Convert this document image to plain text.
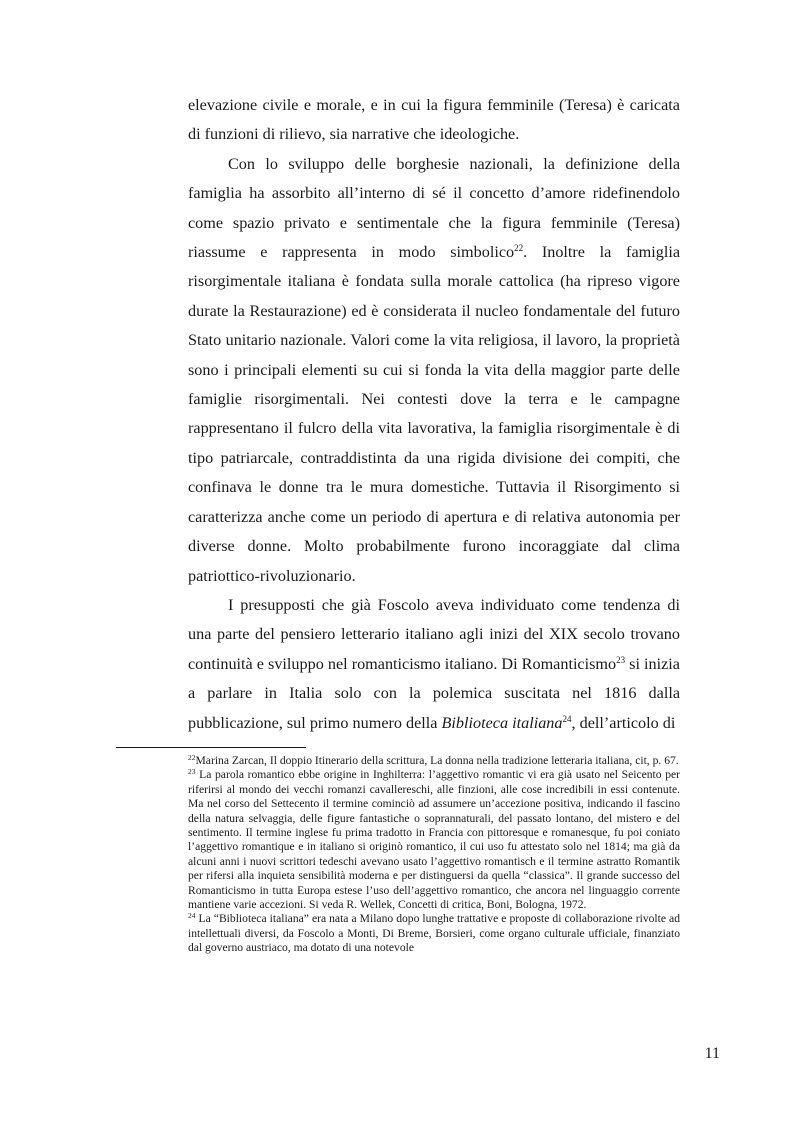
elevazione civile e morale, e in cui la figura femminile (Teresa) è caricata di funzioni di rilievo, sia narrative che ideologiche.

Con lo sviluppo delle borghesie nazionali, la definizione della famiglia ha assorbito all’interno di sé il concetto d’amore ridefinendolo come spazio privato e sentimentale che la figura femminile (Teresa) riassume e rappresenta in modo simbolico$^{22}$. Inoltre la famiglia risorgimentale italiana è fondata sulla morale cattolica (ha ripreso vigore durate la Restaurazione) ed è considerata il nucleo fondamentale del futuro Stato unitario nazionale. Valori come la vita religiosa, il lavoro, la proprietà sono i principali elementi su cui si fonda la vita della maggior parte delle famiglie risorgimentali. Nei contesti dove la terra e le campagne rappresentano il fulcro della vita lavorativa, la famiglia risorgimentale è di tipo patriarcale, contraddistinta da una rigida divisione dei compiti, che confinava le donne tra le mura domestiche. Tuttavia il Risorgimento si caratterizza anche come un periodo di apertura e di relativa autonomia per diverse donne. Molto probabilmente furono incoraggiate dal clima patriottico-rivoluzionario.

I presupposti che già Foscolo aveva individuato come tendenza di una parte del pensiero letterario italiano agli inizi del XIX secolo trovano continuità e sviluppo nel romanticismo italiano. Di Romanticismo$^{23}$ si inizia a parlare in Italia solo con la polemica suscitata nel 1816 dalla pubblicazione, sul primo numero della Biblioteca italiana$^{24}$, dell’articolo di

$^{22}$Marina Zarcan, Il doppio Itinerario della scrittura, La donna nella tradizione letteraria italiana, cit, p. 67.

$^{23}$ La parola romantico ebbe origine in Inghilterra: l’aggettivo romantic vi era già usato nel Seicento per riferirsi al mondo dei vecchi romanzi cavallereschi, alle finzioni, alle cose incredibili in essi contenute. Ma nel corso del Settecento il termine cominciò ad assumere un’accezione positiva, indicando il fascino della natura selvaggia, delle figure fantastiche o soprannaturali, del passato lontano, del mistero e del sentimento. Il termine inglese fu prima tradotto in Francia con pittoresque e romanesque, fu poi coniato l’aggettivo romantique e in italiano si originò romantico, il cui uso fu attestato solo nel 1814; ma già da alcuni anni i nuovi scrittori tedeschi avevano usato l’aggettivo romantisch e il termine astratto Romantik per rifersi alla inquieta sensibilità moderna e per distinguersi da quella “classica”. Il grande successo del Romanticismo in tutta Europa estese l’uso dell’aggettivo romantico, che ancora nel linguaggio corrente mantiene varie accezioni. Si veda R. Wellek, Concetti di critica, Boni, Bologna, 1972.

$^{24}$ La “Biblioteca italiana” era nata a Milano dopo lunghe trattative e proposte di collaborazione rivolte ad intellettuali diversi, da Foscolo a Monti, Di Breme, Borsieri, come organo culturale ufficiale, finanziato dal governo austriaco, ma dotato di una notevole

11
